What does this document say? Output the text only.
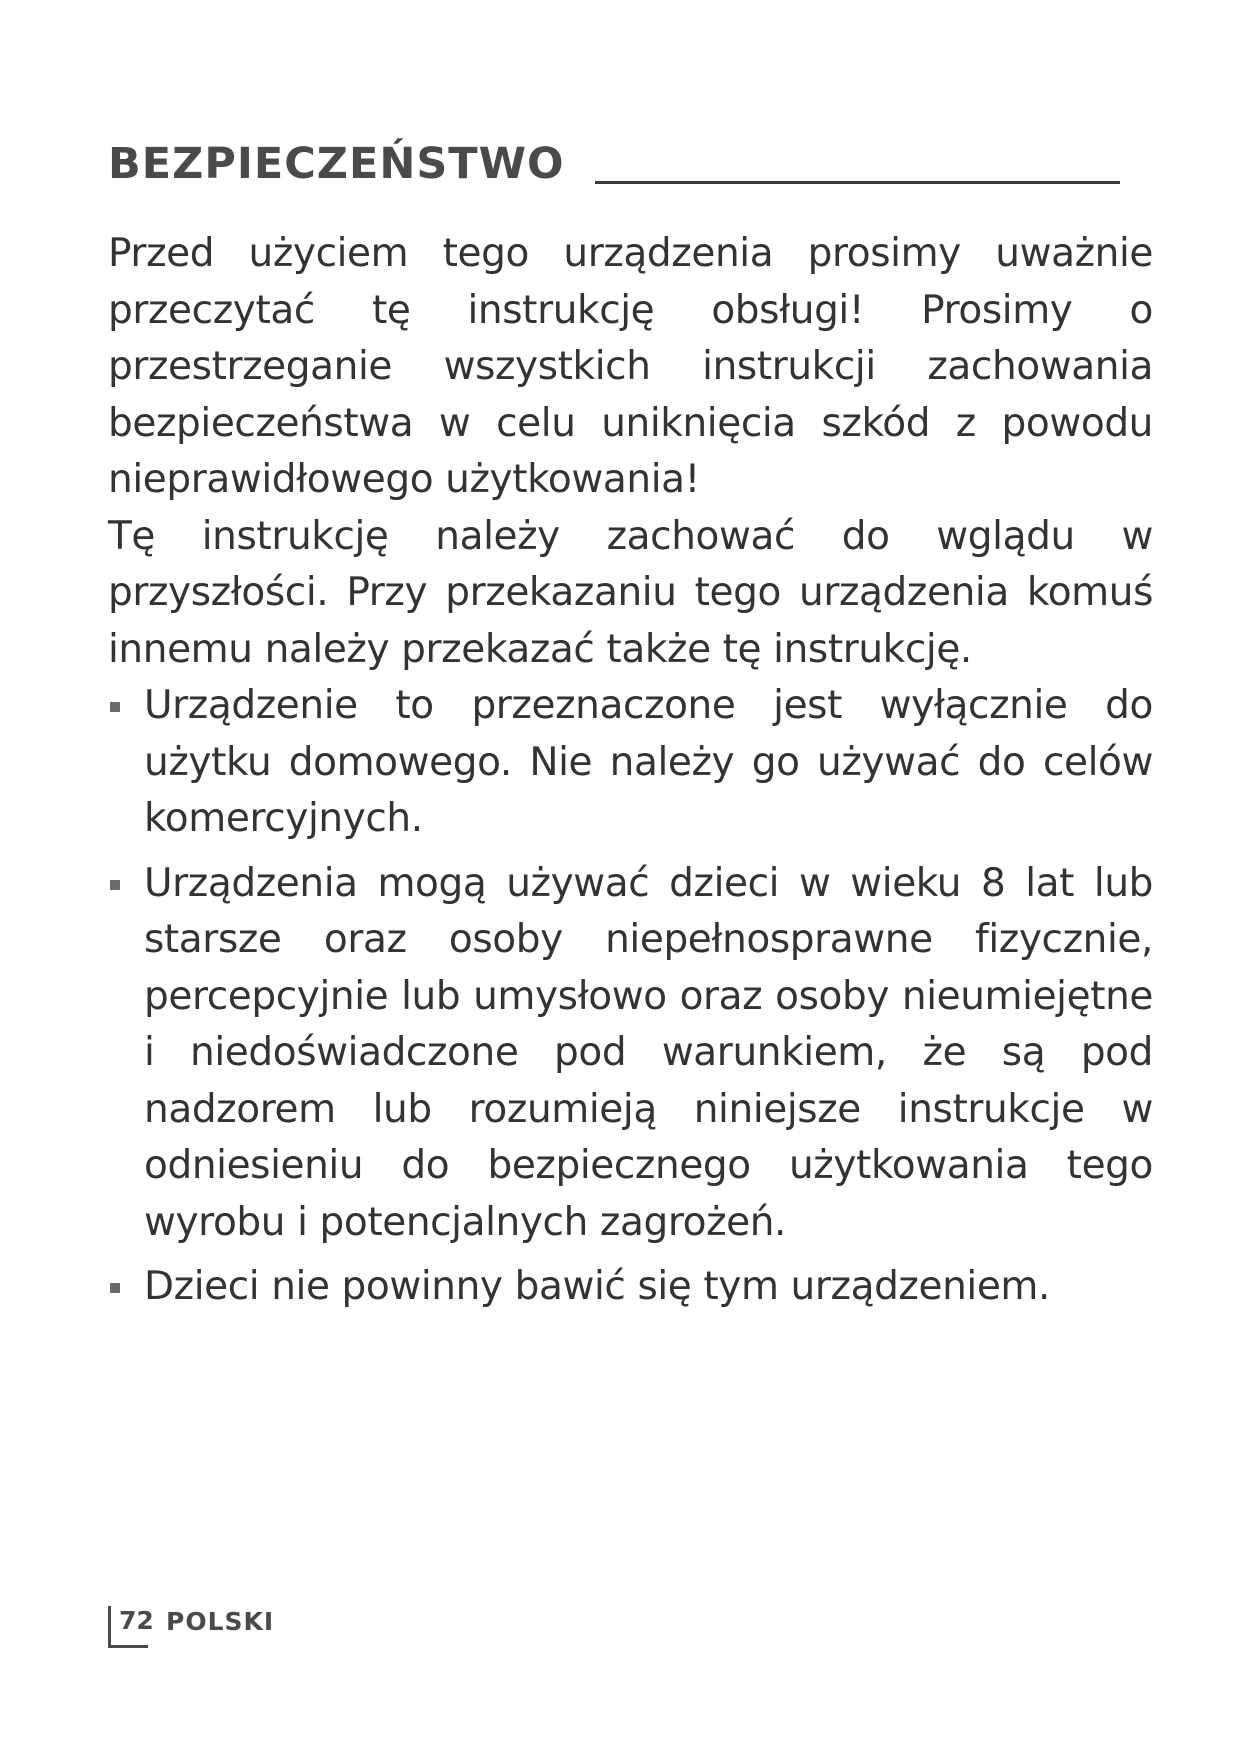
BEZPIECZEŃSTWO

Przed użyciem tego urządzenia prosimy uważnie przeczytać tę instrukcję obsługi! Prosimy o przestrzeganie wszystkich instrukcji zachowania bezpieczeństwa w celu uniknięcia szkód z powodu nieprawidłowego użytkowania!

Tę instrukcję należy zachować do wglądu w przyszłości. Przy przekazaniu tego urządzenia komuś innemu należy przekazać także tę instrukcję.

Urządzenie to przeznaczone jest wyłącznie do użytku domowego. Nie należy go używać do celów komercyjnych.
Urządzenia mogą używać dzieci w wieku 8 lat lub starsze oraz osoby niepełnosprawne fizycznie, percepcyjnie lub umysłowo oraz osoby nieumiejętne i niedoświadczone pod warunkiem, że są pod nadzorem lub rozumieją niniejsze instrukcje w odniesieniu do bezpiecznego użytkowania tego wyrobu i potencjalnych zagrożeń.
Dzieci nie powinny bawić się tym urządzeniem.
72 POLSKI
